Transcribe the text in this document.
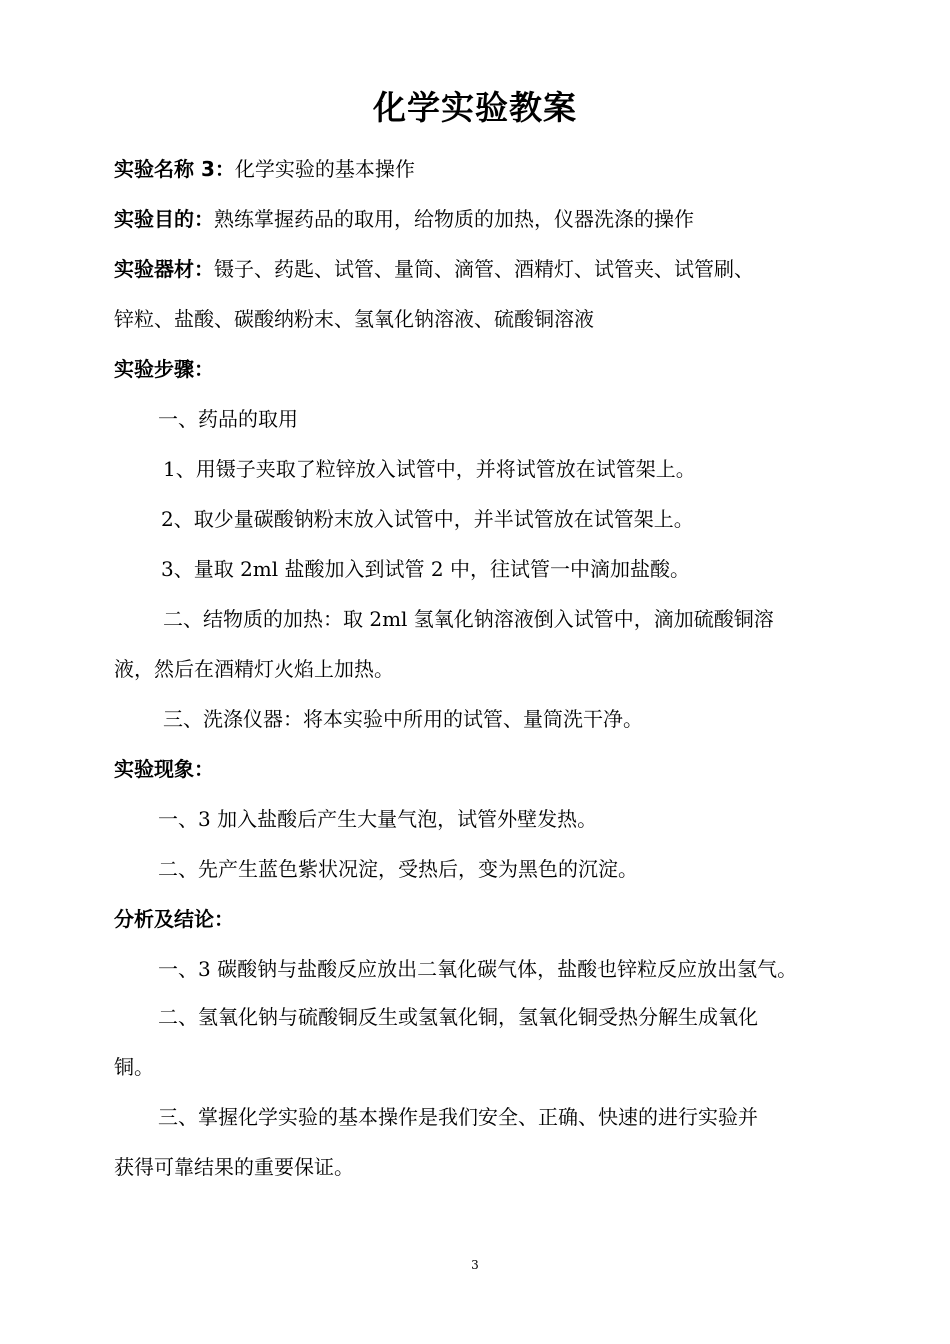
化学实验教案
实验名称 3：化学实验的基本操作
实验目的：熟练掌握药品的取用，给物质的加热，仪器洗涤的操作
实验器材：镊子、药匙、试管、量筒、滴管、酒精灯、试管夹、试管刷、
锌粒、盐酸、碳酸纳粉末、氢氧化钠溶液、硫酸铜溶液
实验步骤：
一、药品的取用
1、用镊子夹取了粒锌放入试管中，并将试管放在试管架上。
2、取少量碳酸钠粉末放入试管中，并半试管放在试管架上。
3、量取 2ml 盐酸加入到试管 2 中，往试管一中滴加盐酸。
二、结物质的加热：取 2ml 氢氧化钠溶液倒入试管中，滴加硫酸铜溶
液，然后在酒精灯火焰上加热。
三、洗涤仪器：将本实验中所用的试管、量筒洗干净。
实验现象：
一、3 加入盐酸后产生大量气泡，试管外壁发热。
二、先产生蓝色紫状况淀，受热后，变为黑色的沉淀。
分析及结论：
一、3 碳酸钠与盐酸反应放出二氧化碳气体，盐酸也锌粒反应放出氢气。
二、氢氧化钠与硫酸铜反生或氢氧化铜，氢氧化铜受热分解生成氧化
铜。
三、掌握化学实验的基本操作是我们安全、正确、快速的进行实验并
获得可靠结果的重要保证。
3
